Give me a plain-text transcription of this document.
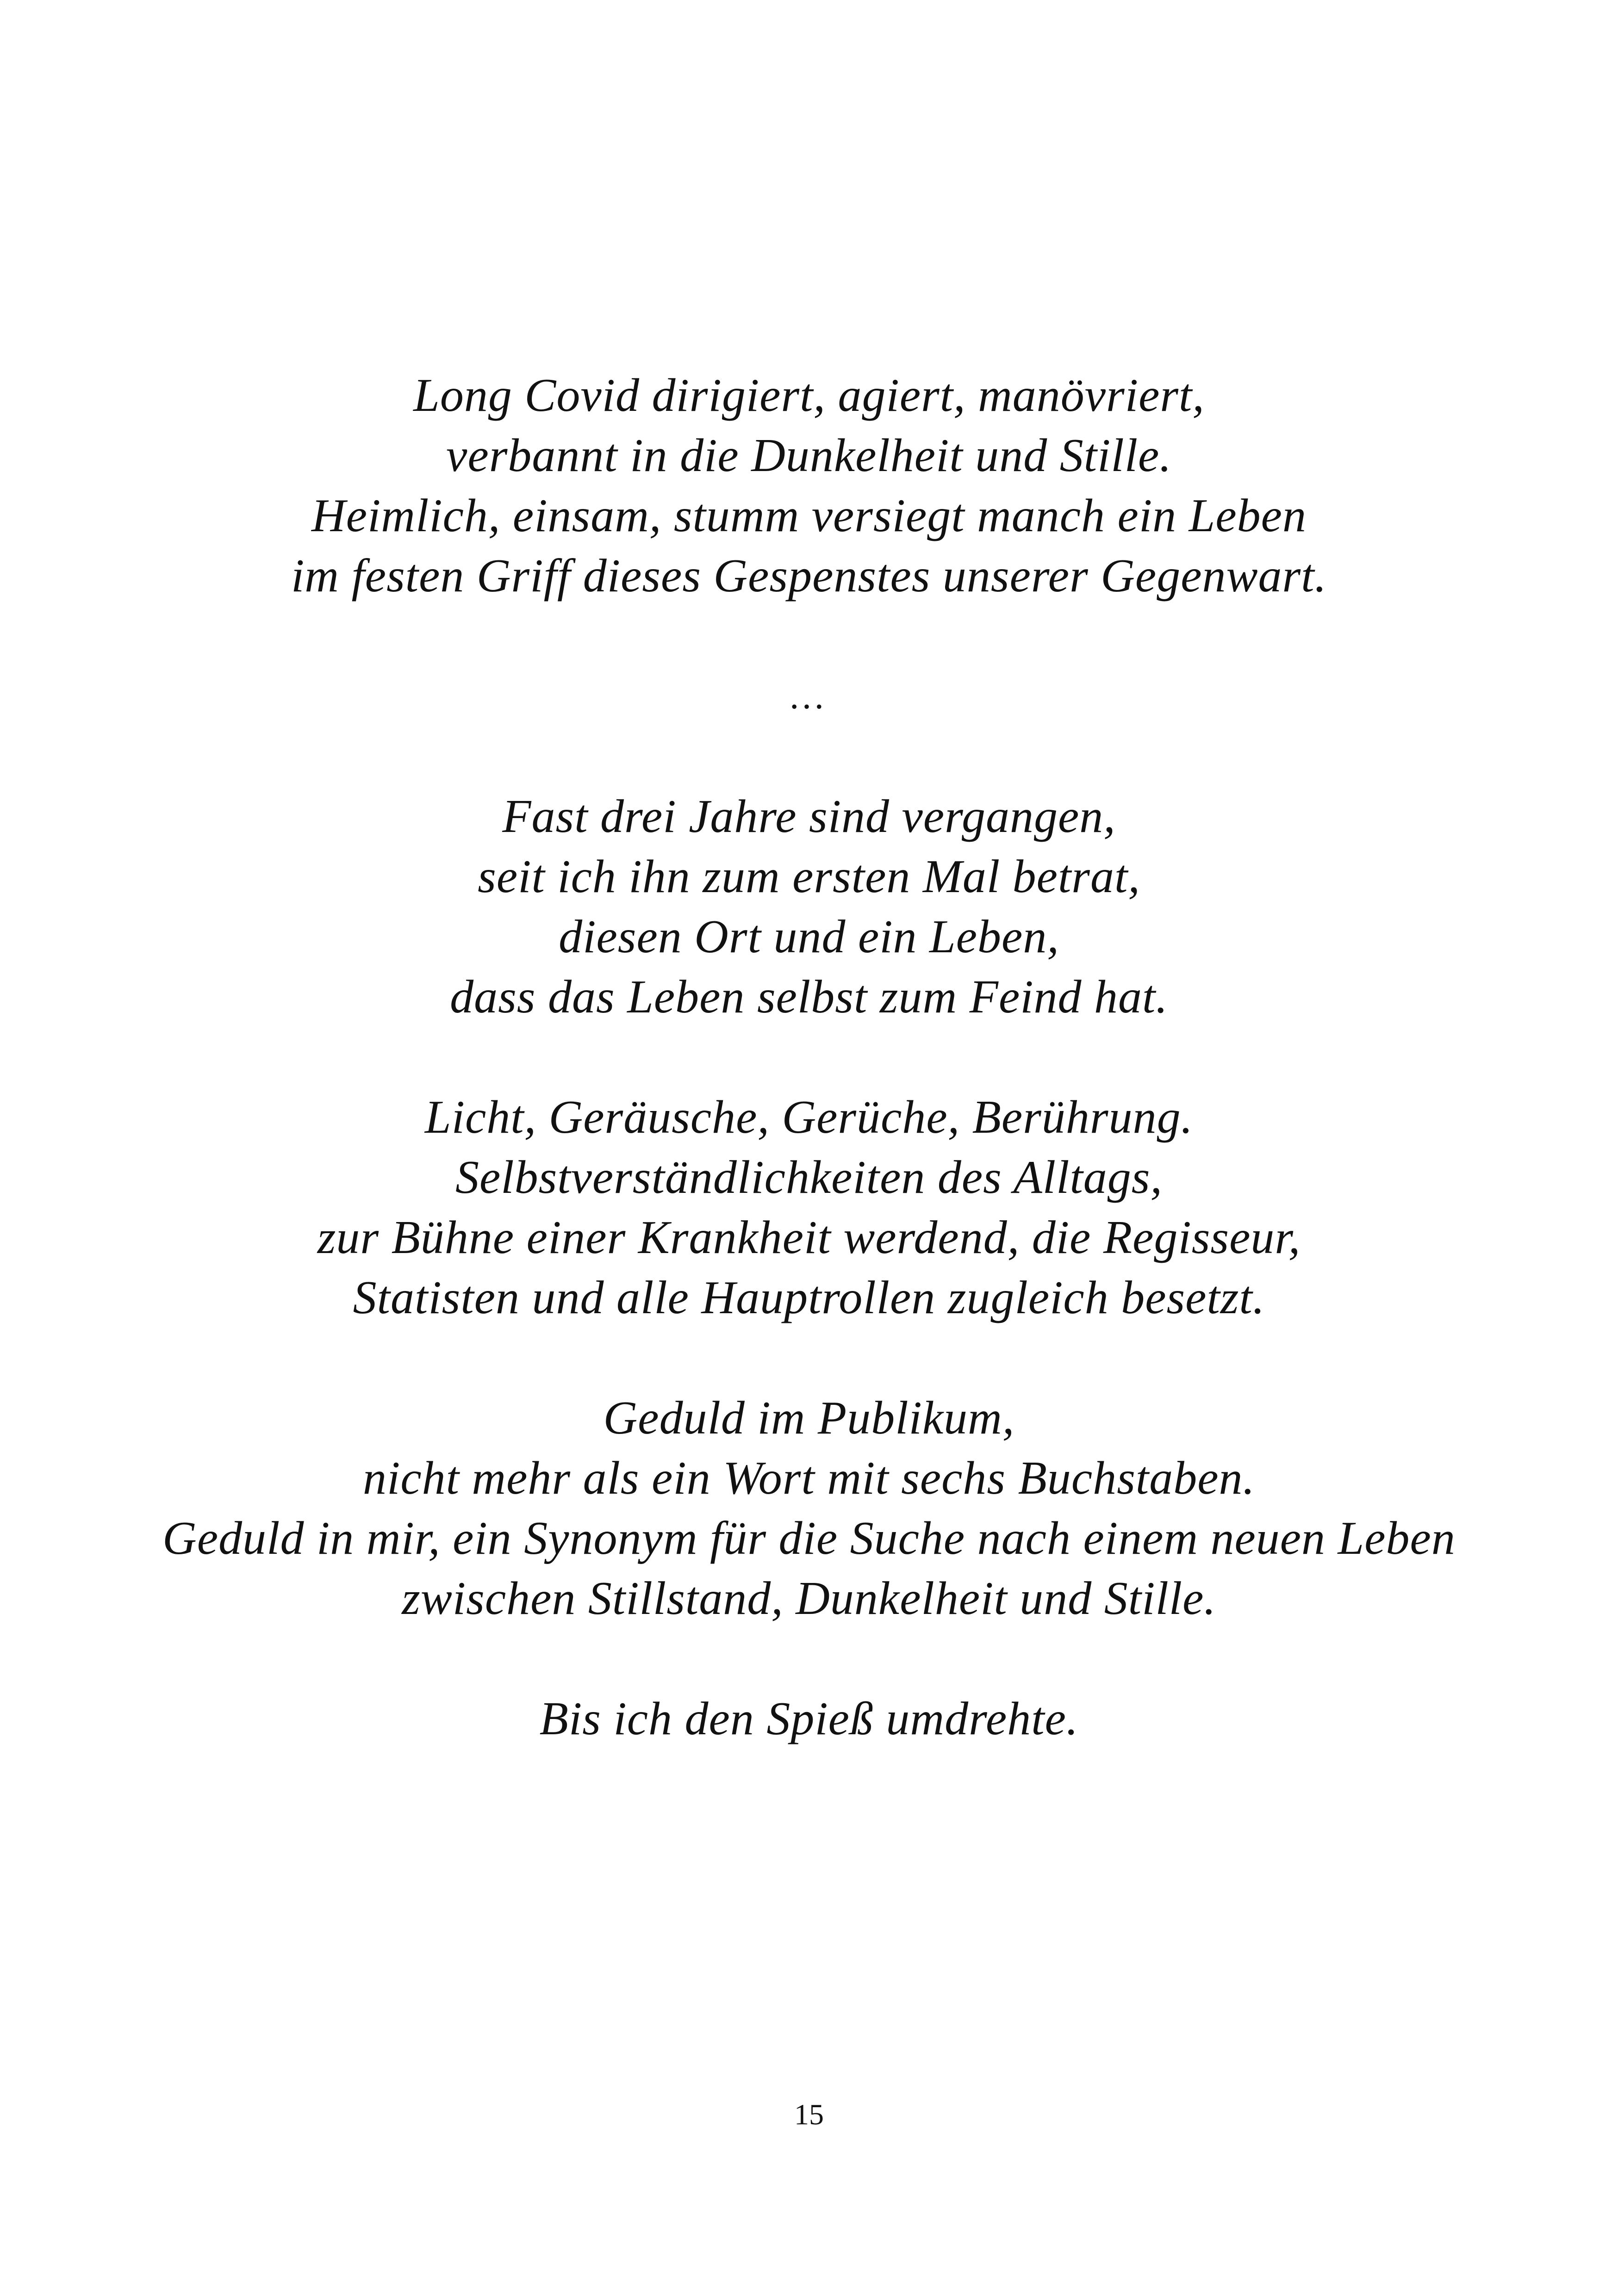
Long Covid dirigiert, agiert, manövriert,
verbannt in die Dunkelheit und Stille.
Heimlich, einsam, stumm versiegt manch ein Leben
im festen Griff dieses Gespenstes unserer Gegenwart.

…

Fast drei Jahre sind vergangen,
seit ich ihn zum ersten Mal betrat,
diesen Ort und ein Leben,
dass das Leben selbst zum Feind hat.

Licht, Geräusche, Gerüche, Berührung.
Selbstverständlichkeiten des Alltags,
zur Bühne einer Krankheit werdend, die Regisseur,
Statisten und alle Hauptrollen zugleich besetzt.

Geduld im Publikum,
nicht mehr als ein Wort mit sechs Buchstaben.
Geduld in mir, ein Synonym für die Suche nach einem neuen Leben
zwischen Stillstand, Dunkelheit und Stille.

Bis ich den Spieß umdrehte.

15
